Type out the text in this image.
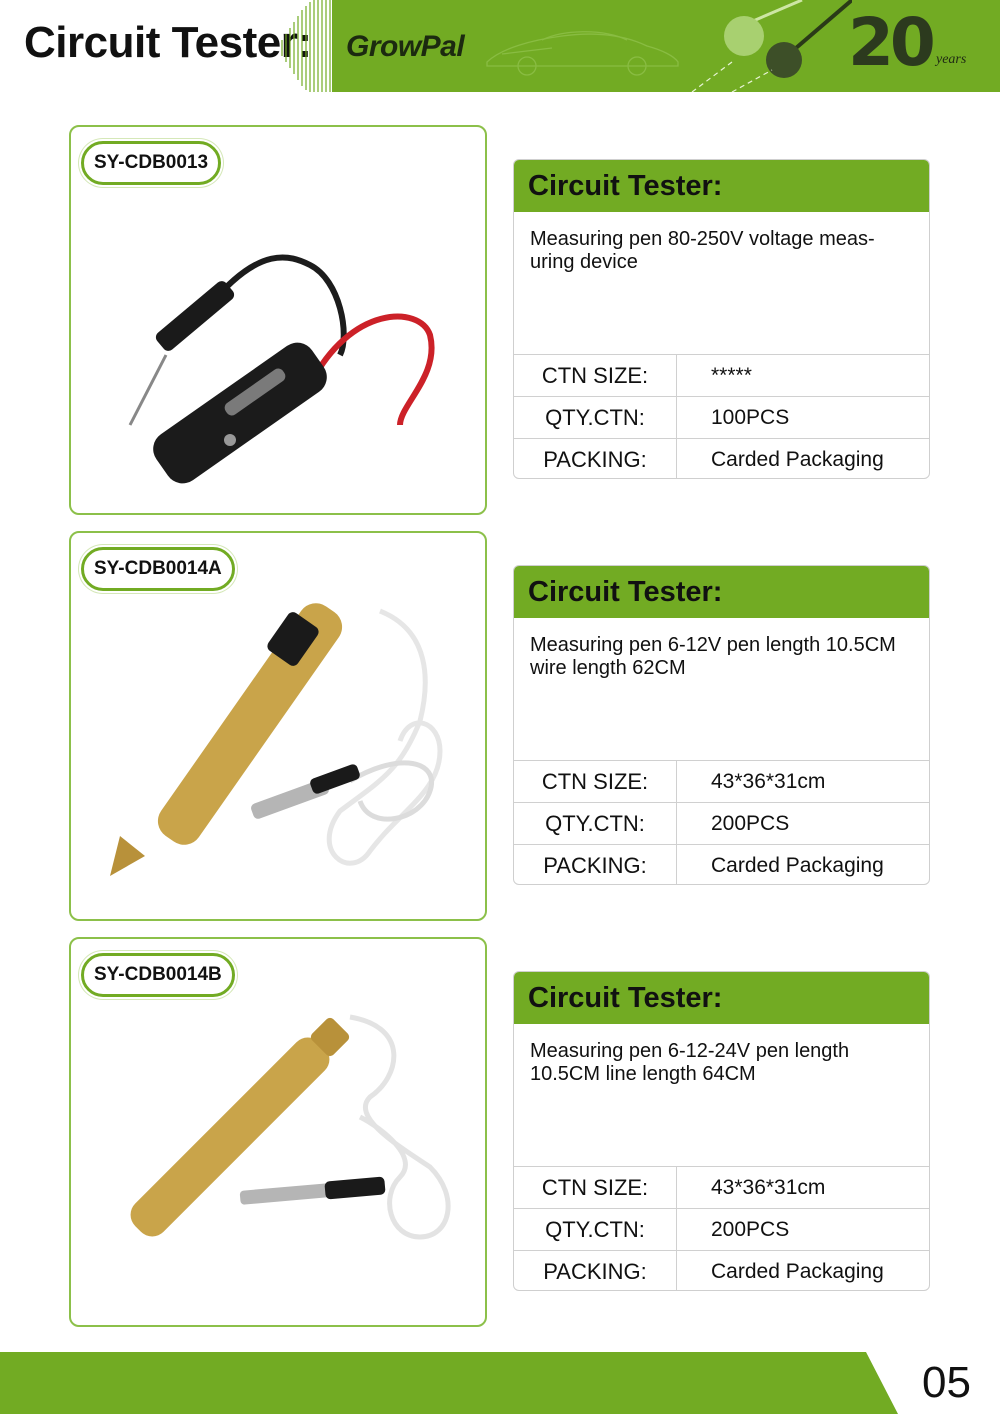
Circuit Tester: GrowPal	20 years
SY-CDB0013
Circuit Tester:
Measuring pen 80-250V voltage meas-uring device
CTN SIZE:	*****
QTY.CTN:	100PCS
PACKING:	Carded Packaging
SY-CDB0014A
Circuit Tester:
Measuring pen 6-12V pen length 10.5CM wire length 62CM
CTN SIZE:	43*36*31cm
QTY.CTN:	200PCS
PACKING:	Carded Packaging
SY-CDB0014B
Circuit Tester:
Measuring pen 6-12-24V pen length 10.5CM line length 64CM
CTN SIZE:	43*36*31cm
QTY.CTN:	200PCS
PACKING:	Carded Packaging
05
